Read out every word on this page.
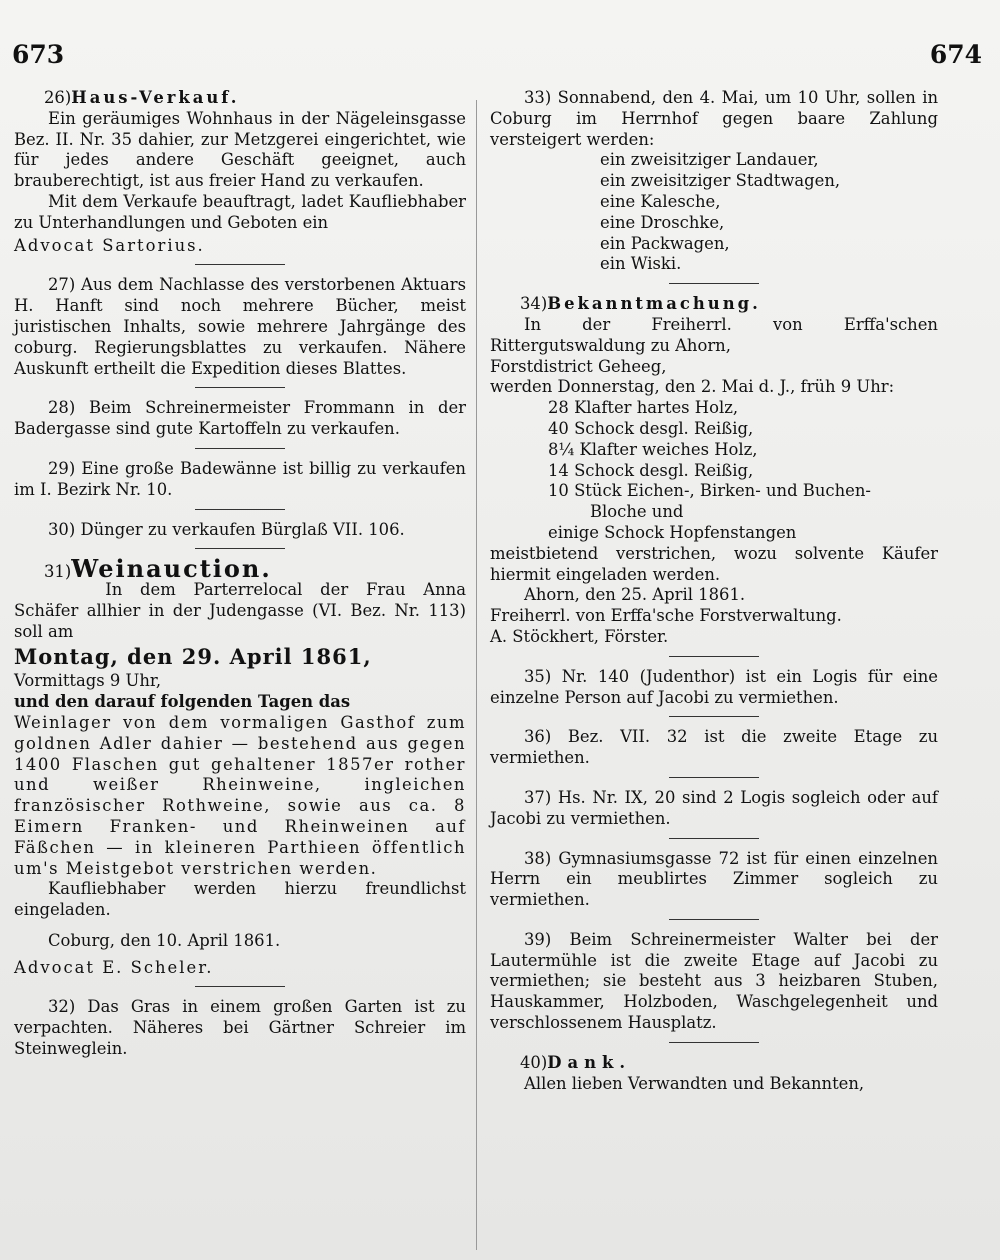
673	674

26) Haus-Verkauf.

Ein geräumiges Wohnhaus in der Nägeleinsgasse Bez. II. Nr. 35 dahier, zur Metzgerei eingerichtet, wie für jedes andere Geschäft geeignet, auch brauberechtigt, ist aus freier Hand zu verkaufen.

Mit dem Verkaufe beauftragt, ladet Kaufliebhaber zu Unterhandlungen und Geboten ein

Advocat Sartorius.

27) Aus dem Nachlasse des verstorbenen Aktuars H. Hanft sind noch mehrere Bücher, meist juristischen Inhalts, sowie mehrere Jahrgänge des coburg. Regierungsblattes zu verkaufen. Nähere Auskunft ertheilt die Expedition dieses Blattes.

28) Beim Schreinermeister Frommann in der Badergasse sind gute Kartoffeln zu verkaufen.

29) Eine große Badewänne ist billig zu verkaufen im I. Bezirk Nr. 10.

30) Dünger zu verkaufen Bürglaß VII. 106.

31) Weinauction.

In dem Parterrelocal der Frau Anna Schäfer allhier in der Judengasse (VI. Bez. Nr. 113) soll am

Montag, den 29. April 1861,

Vormittags 9 Uhr,

und den darauf folgenden Tagen das

Weinlager von dem vormaligen Gasthof zum goldnen Adler dahier — bestehend aus gegen 1400 Flaschen gut gehaltener 1857er rother und weißer Rheinweine, ingleichen französischer Rothweine, sowie aus ca. 8 Eimern Franken- und Rheinweinen auf Fäßchen — in kleineren Parthieen öffentlich um's Meistgebot verstrichen werden.

Kaufliebhaber werden hierzu freundlichst eingeladen.

Coburg, den 10. April 1861.

Advocat E. Scheler.

32) Das Gras in einem großen Garten ist zu verpachten. Näheres bei Gärtner Schreier im Steinweglein.

33) Sonnabend, den 4. Mai, um 10 Uhr, sollen in Coburg im Herrnhof gegen baare Zahlung versteigert werden:

ein zweisitziger Landauer,

ein zweisitziger Stadtwagen,

eine Kalesche,

eine Droschke,

ein Packwagen,

ein Wiski.

34) Bekanntmachung.

In der Freiherrl. von Erffa'schen Rittergutswaldung zu Ahorn,

Forstdistrict Geheeg,

werden Donnerstag, den 2. Mai d. J., früh 9 Uhr:

28 Klafter hartes Holz,

40 Schock desgl. Reißig,

8¼ Klafter weiches Holz,

14 Schock desgl. Reißig,

10 Stück Eichen-, Birken- und Buchen-

Bloche und

einige Schock Hopfenstangen

meistbietend verstrichen, wozu solvente Käufer hiermit eingeladen werden.

Ahorn, den 25. April 1861.

Freiherrl. von Erffa'sche Forstverwaltung.

A. Stöckhert, Förster.

35) Nr. 140 (Judenthor) ist ein Logis für eine einzelne Person auf Jacobi zu vermiethen.

36) Bez. VII. 32 ist die zweite Etage zu vermiethen.

37) Hs. Nr. IX, 20 sind 2 Logis sogleich oder auf Jacobi zu vermiethen.

38) Gymnasiumsgasse 72 ist für einen einzelnen Herrn ein meublirtes Zimmer sogleich zu vermiethen.

39) Beim Schreinermeister Walter bei der Lautermühle ist die zweite Etage auf Jacobi zu vermiethen; sie besteht aus 3 heizbaren Stuben, Hauskammer, Holzboden, Waschgelegenheit und verschlossenem Hausplatz.

40) Dank.

Allen lieben Verwandten und Bekannten,
